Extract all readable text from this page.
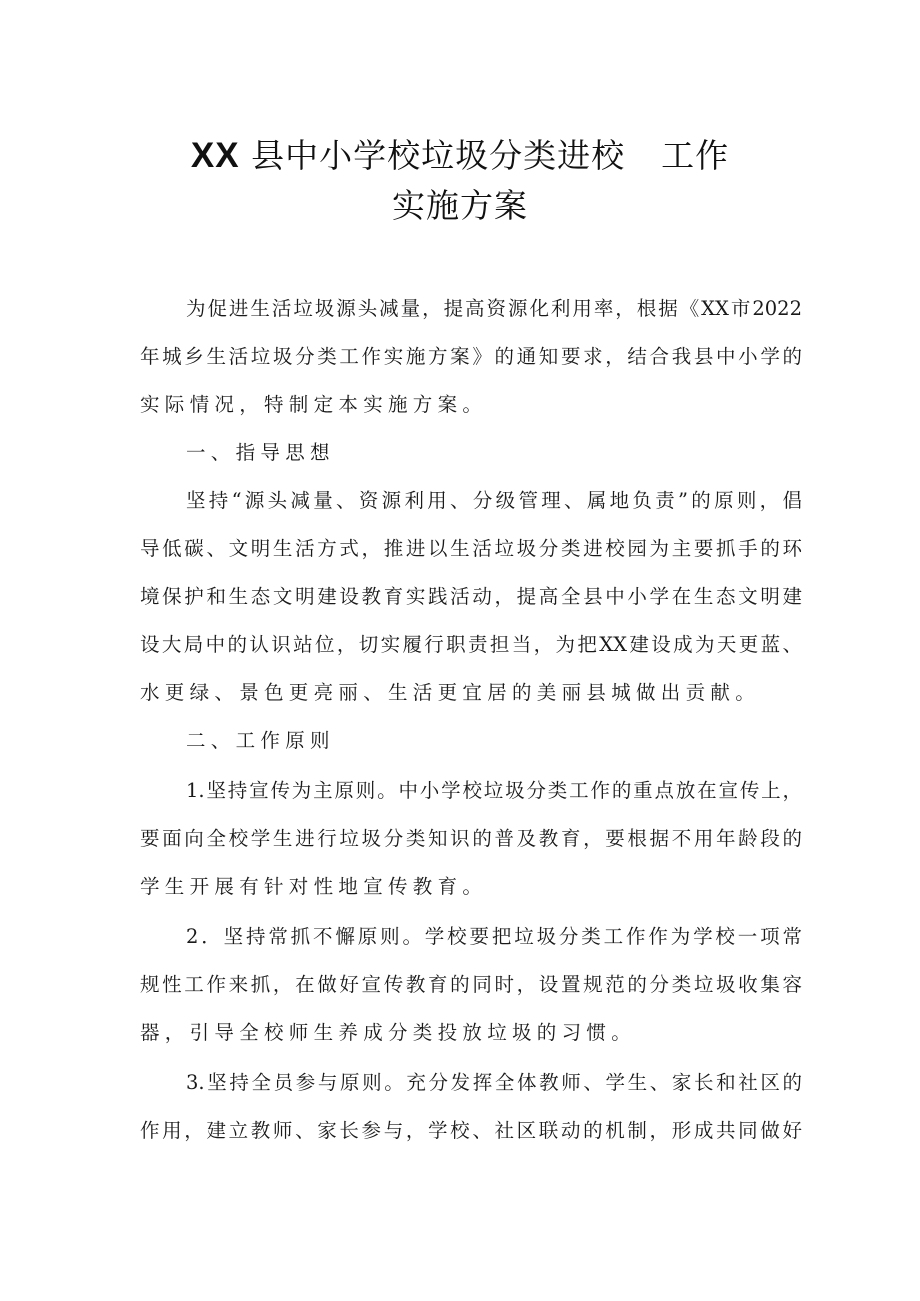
XX 县中小学校垃圾分类进校 工作
实施方案
为促进生活垃圾源头减量，提高资源化利用率，根据《XX市2022
年城乡生活垃圾分类工作实施方案》的通知要求，结合我县中小学的
实际情况，特制定本实施方案。
一、指导思想
坚持“源头减量、资源利用、分级管理、属地负责”的原则，倡
导低碳、文明生活方式，推进以生活垃圾分类进校园为主要抓手的环
境保护和生态文明建设教育实践活动，提高全县中小学在生态文明建
设大局中的认识站位，切实履行职责担当，为把XX建设成为天更蓝、
水更绿、景色更亮丽、生活更宜居的美丽县城做出贡献。
二、工作原则
1.坚持宣传为主原则。中小学校垃圾分类工作的重点放在宣传上，
要面向全校学生进行垃圾分类知识的普及教育，要根据不用年龄段的
学生开展有针对性地宣传教育。
2．坚持常抓不懈原则。学校要把垃圾分类工作作为学校一项常
规性工作来抓，在做好宣传教育的同时，设置规范的分类垃圾收集容
器，引导全校师生养成分类投放垃圾的习惯。
3.坚持全员参与原则。充分发挥全体教师、学生、家长和社区的
作用，建立教师、家长参与，学校、社区联动的机制，形成共同做好
